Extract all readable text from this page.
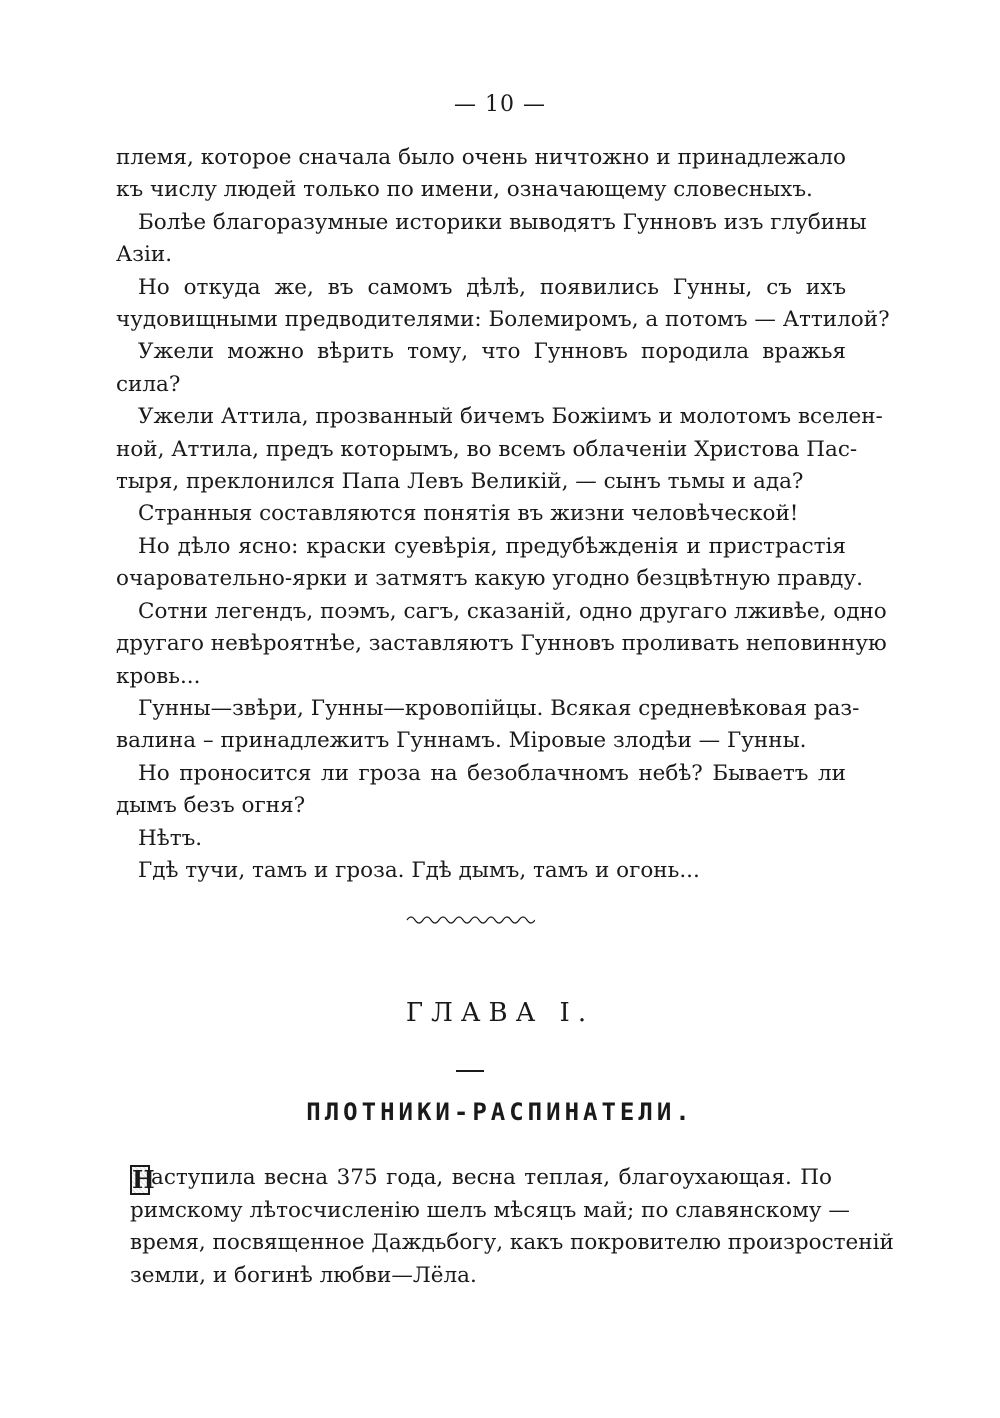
— 10 —
племя, которое сначала было очень ничтожно и принадлежало
къ числу людей только по имени, означающему словесныхъ.
Болѣе благоразумные историки выводятъ Гунновъ изъ глубины
Азіи.
Но откуда же, въ самомъ дѣлѣ, появились Гунны, съ ихъ
чудовищными предводителями: Болемиромъ, а потомъ — Аттилой?
Ужели можно вѣрить тому, что Гунновъ породила вражья
сила?
Ужели Аттила, прозванный бичемъ Божіимъ и молотомъ вселен-
ной, Аттила, предъ которымъ, во всемъ облаченіи Христова Пас-
тыря, преклонился Папа Левъ Великій, — сынъ тьмы и ада?
Странныя составляются понятія въ жизни человѣческой!
Но дѣло ясно: краски суевѣрія, предубѣжденія и пристрастія
очаровательно-ярки и затмятъ какую угодно безцвѣтную правду.
Сотни легендъ, поэмъ, сагъ, сказаній, одно другаго лживѣе, одно
другаго невѣроятнѣе, заставляютъ Гунновъ проливать неповинную
кровь...
Гунны—звѣри, Гунны—кровопійцы. Всякая средневѣковая раз-
валина – принадлежитъ Гуннамъ. Міровые злодѣи — Гунны.
Но проносится ли гроза на безоблачномъ небѣ? Бываетъ ли
дымъ безъ огня?
Нѣтъ.
Гдѣ тучи, тамъ и гроза. Гдѣ дымъ, тамъ и огонь...
ГЛАВА I.
ПЛОТНИКИ-РАСПИНАТЕЛИ.
Наступила весна 375 года, весна теплая, благоухающая. По
римскому лѣтосчисленію шелъ мѣсяцъ май; по славянскому —
время, посвященное Даждьбогу, какъ покровителю произростеній
земли, и богинѣ любви—Лёла.
